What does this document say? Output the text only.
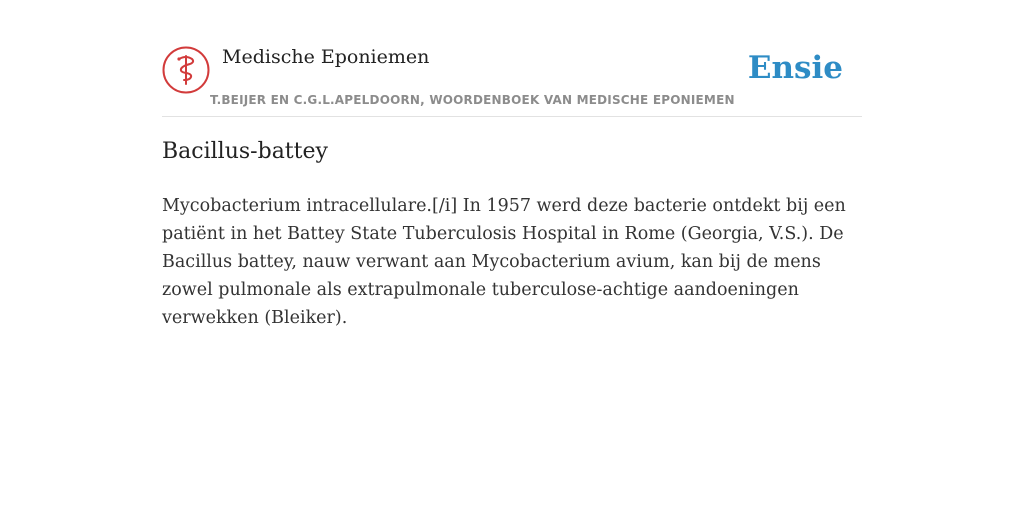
Medische Eponiemen
T.BEIJER EN C.G.L.APELDOORN, WOORDENBOEK VAN MEDISCHE EPONIEMEN
Ensie
Bacillus-battey

Mycobacterium intracellulare.[/i] In 1957 werd deze bacterie ontdekt bij een patiënt in het Battey State Tuberculosis Hospital in Rome (Georgia, V.S.). De Bacillus battey, nauw verwant aan Mycobacterium avium, kan bij de mens zowel pulmonale als extrapulmonale tuberculose-achtige aandoeningen verwekken (Bleiker).
